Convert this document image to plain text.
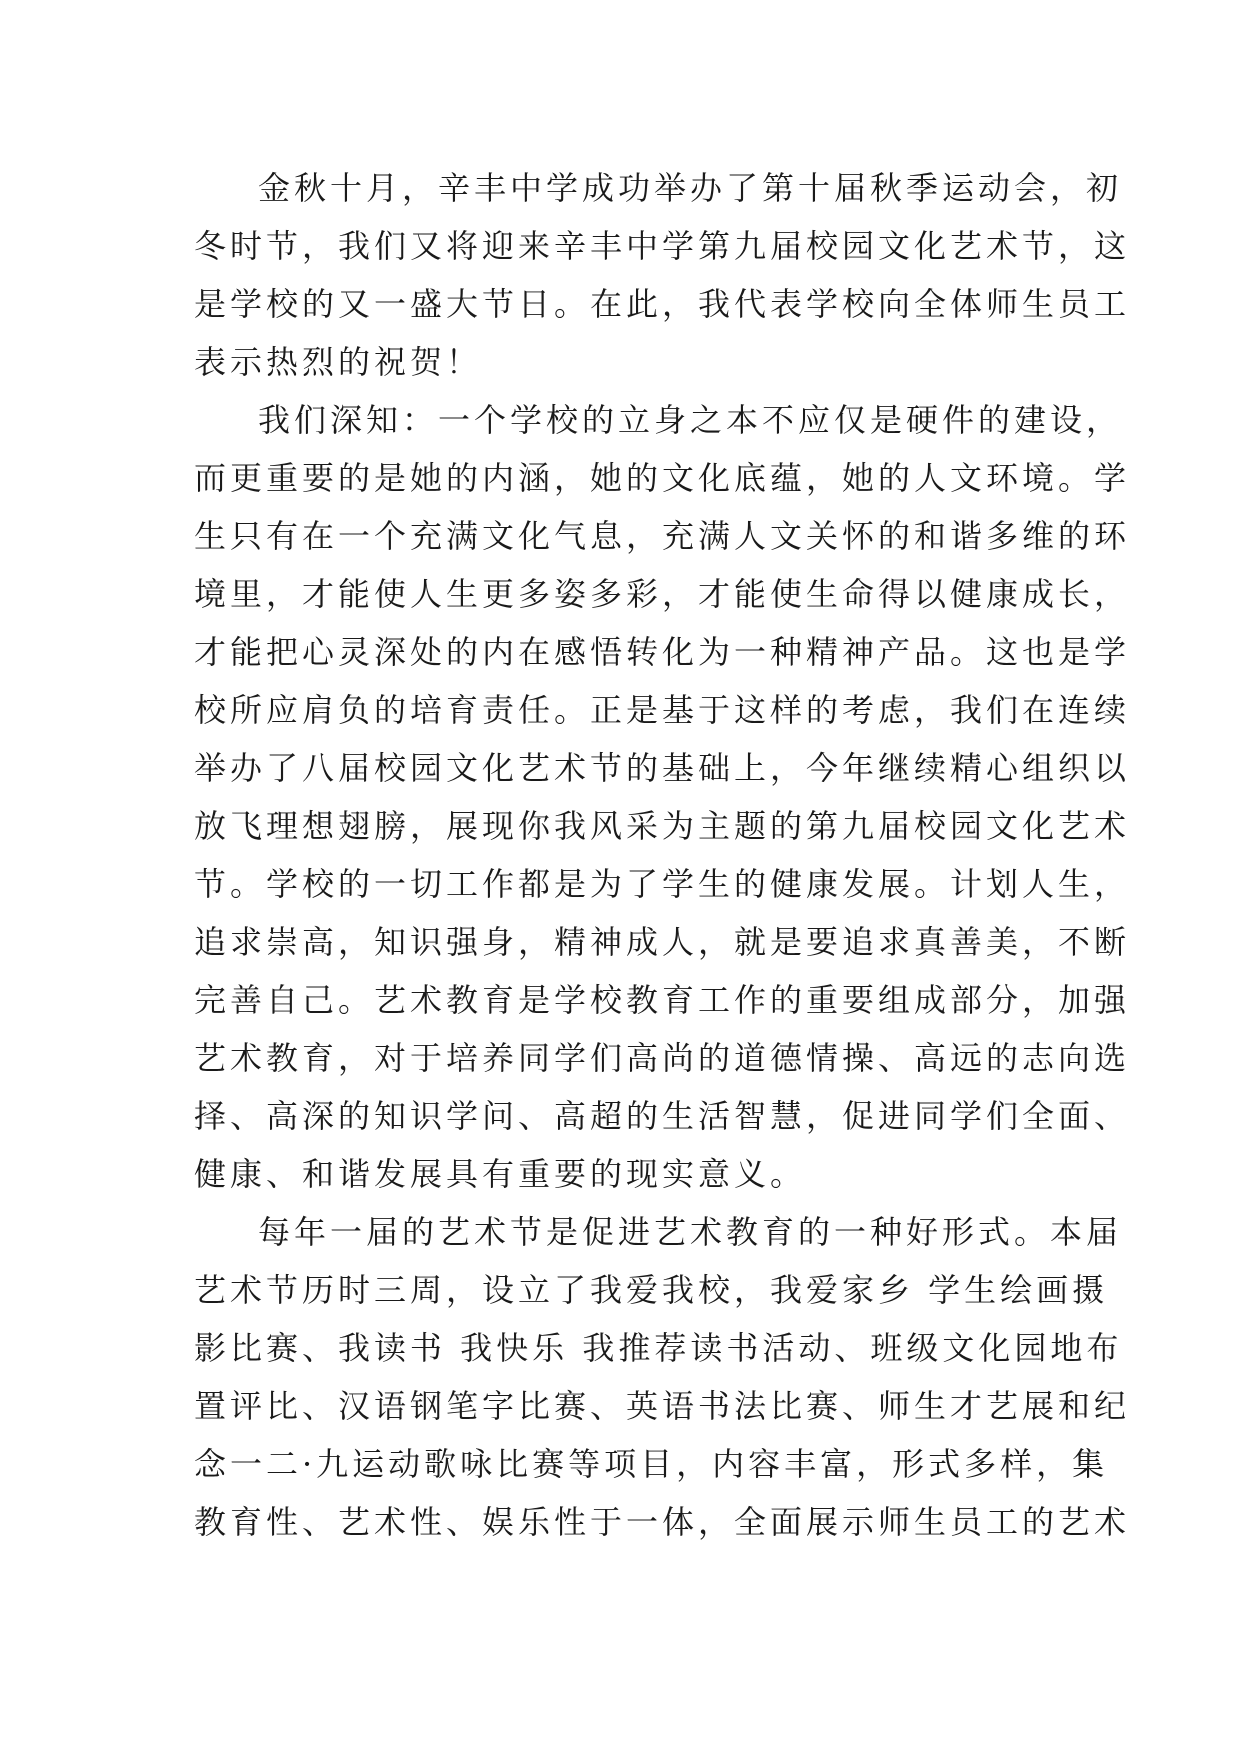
金秋十月，辛丰中学成功举办了第十届秋季运动会，初
冬时节，我们又将迎来辛丰中学第九届校园文化艺术节，这
是学校的又一盛大节日。在此，我代表学校向全体师生员工
表示热烈的祝贺！
我们深知：一个学校的立身之本不应仅是硬件的建设，
而更重要的是她的内涵，她的文化底蕴，她的人文环境。学
生只有在一个充满文化气息，充满人文关怀的和谐多维的环
境里，才能使人生更多姿多彩，才能使生命得以健康成长，
才能把心灵深处的内在感悟转化为一种精神产品。这也是学
校所应肩负的培育责任。正是基于这样的考虑，我们在连续
举办了八届校园文化艺术节的基础上，今年继续精心组织以
放飞理想翅膀，展现你我风采为主题的第九届校园文化艺术
节。学校的一切工作都是为了学生的健康发展。计划人生，
追求崇高，知识强身，精神成人，就是要追求真善美，不断
完善自己。艺术教育是学校教育工作的重要组成部分，加强
艺术教育，对于培养同学们高尚的道德情操、高远的志向选
择、高深的知识学问、高超的生活智慧，促进同学们全面、
健康、和谐发展具有重要的现实意义。
每年一届的艺术节是促进艺术教育的一种好形式。本届
艺术节历时三周，设立了我爱我校，我爱家乡 学生绘画摄
影比赛、我读书 我快乐 我推荐读书活动、班级文化园地布
置评比、汉语钢笔字比赛、英语书法比赛、师生才艺展和纪
念一二·九运动歌咏比赛等项目，内容丰富，形式多样，集
教育性、艺术性、娱乐性于一体，全面展示师生员工的艺术
